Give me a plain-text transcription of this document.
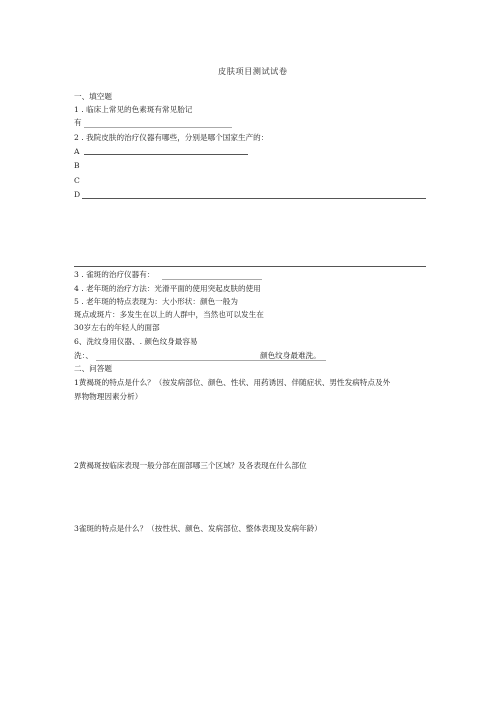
皮肤项目测试试卷
一、填空题
1 . 临床上常见的色素斑有常见胎记
有
2 . 我院皮肤的治疗仪器有哪些，分别是哪个国家生产的：
A
B
C
D
3 . 雀斑的治疗仪器有：
4 . 老年斑的治疗方法：光滑平面的使用突起皮肤的使用
5 . 老年斑的特点表现为：大小形状：颜色一般为
斑点或斑片：多发生在以上的人群中，当然也可以发生在
30岁左右的年轻人的面部
6、洗纹身用仪器、. 颜色纹身最容易
洗：、	颜色纹身最难洗。
二、问答题
1黄褐斑的特点是什么？（按发病部位、颜色、性状、用药诱因、伴随症状、男性发病特点及外
界物物理因素分析）
2黄褐斑按临床表现一般分部在面部哪三个区域？及各表现在什么部位
3雀斑的特点是什么？（按性状、颜色、发病部位、整体表现及发病年龄）
